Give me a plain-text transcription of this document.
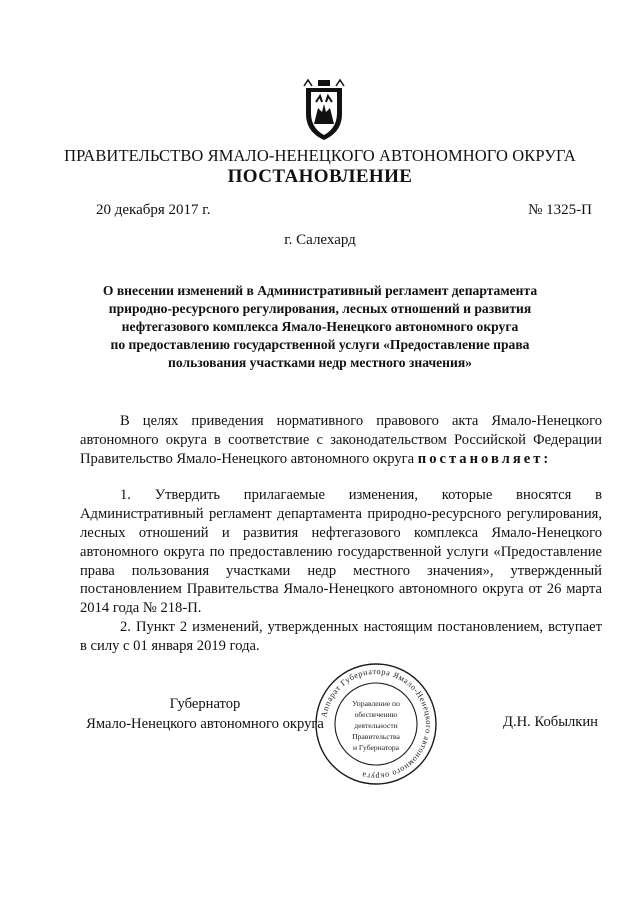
ПРАВИТЕЛЬСТВО ЯМАЛО-НЕНЕЦКОГО АВТОНОМНОГО ОКРУГА
ПОСТАНОВЛЕНИЕ
20 декабря 2017 г.	№ 1325-П
г. Салехард
О внесении изменений в Административный регламент департамента
природно-ресурсного регулирования, лесных отношений и развития
нефтегазового комплекса Ямало-Ненецкого автономного округа
по предоставлению государственной услуги «Предоставление права
пользования участками недр местного значения»

В целях приведения нормативного правового акта Ямало-Ненецкого автономного округа в соответствие с законодательством Российской Федерации Правительство Ямало-Ненецкого автономного округа постановляет:

1. Утвердить прилагаемые изменения, которые вносятся в Административный регламент департамента природно-ресурсного регулирования, лесных отношений и развития нефтегазового комплекса Ямало-Ненецкого автономного округа по предоставлению государственной услуги «Предоставление права пользования участками недр местного значения», утвержденный постановлением Правительства Ямало-Ненецкого автономного округа от 26 марта 2014 года № 218-П.

2. Пункт 2 изменений, утвержденных настоящим постановлением, вступает в силу с 01 января 2019 года.

Губернатор
Ямало-Ненецкого автономного округа	Д.Н. Кобылкин
Аппарат Губернатора Ямало-Ненецкого автономного округа
Управление по
обеспечению
деятельности
Правительства
и Губернатора
